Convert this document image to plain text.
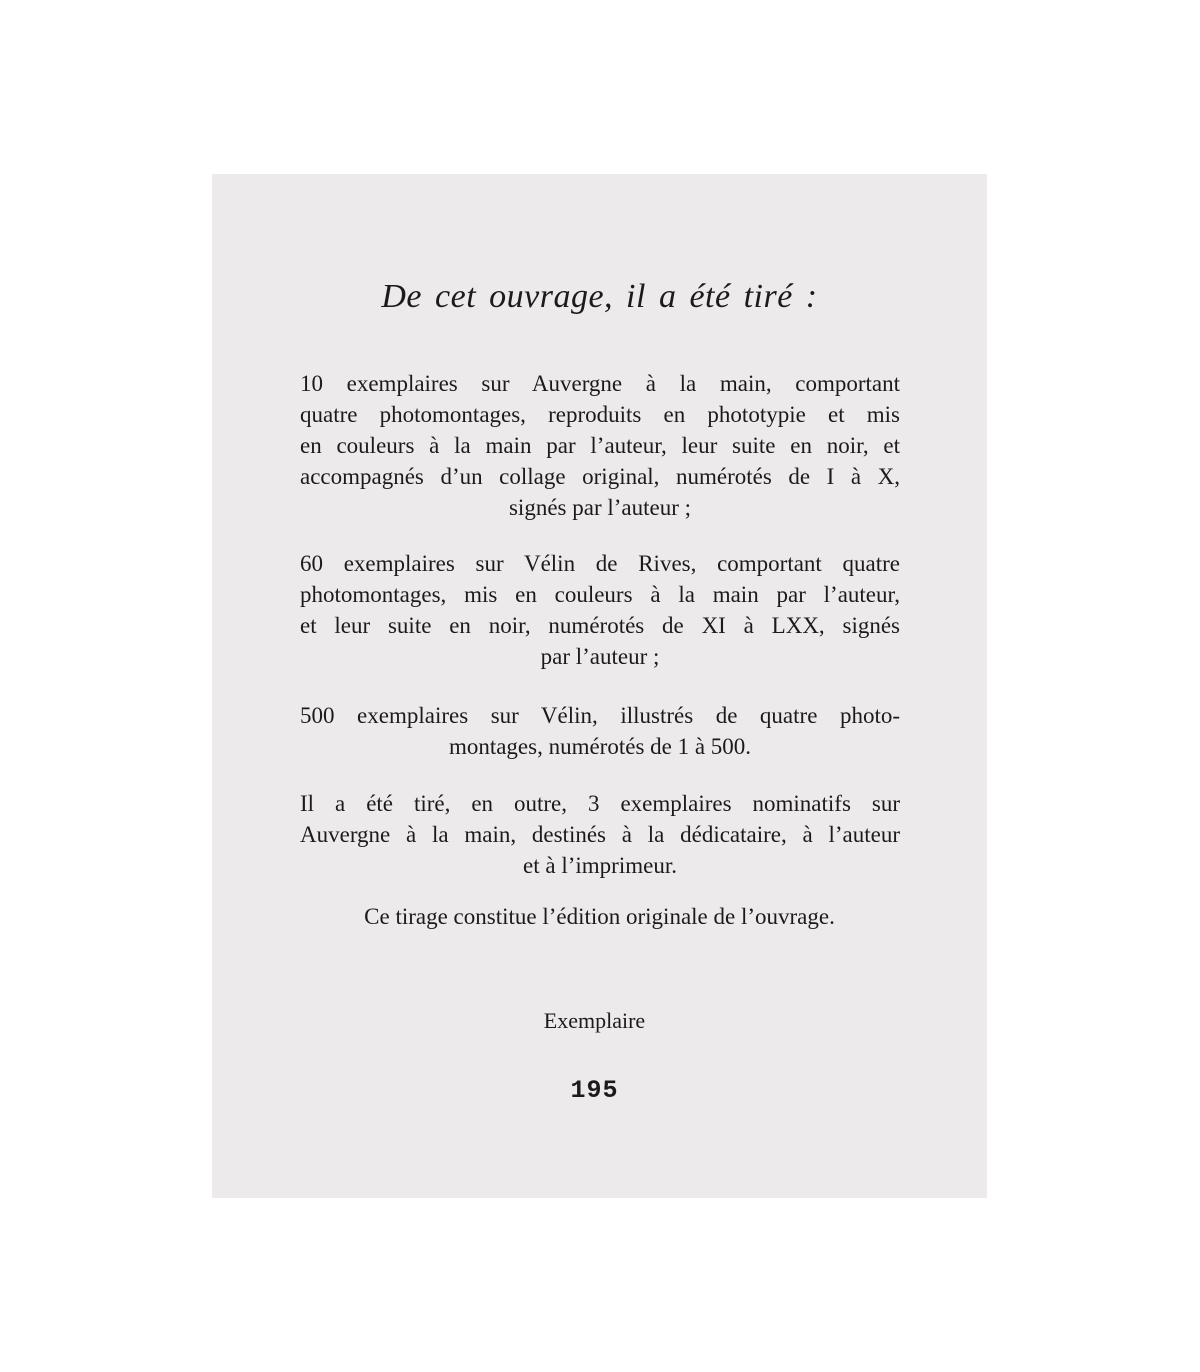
De cet ouvrage, il a été tiré :
10 exemplaires sur Auvergne à la main, comportant
quatre photomontages, reproduits en phototypie et mis
en couleurs à la main par l’auteur, leur suite en noir, et
accompagnés d’un collage original, numérotés de I à X,
signés par l’auteur ;
60 exemplaires sur Vélin de Rives, comportant quatre
photomontages, mis en couleurs à la main par l’auteur,
et leur suite en noir, numérotés de XI à LXX, signés
par l’auteur ;
500 exemplaires sur Vélin, illustrés de quatre photo-
montages, numérotés de 1 à 500.
Il a été tiré, en outre, 3 exemplaires nominatifs sur
Auvergne à la main, destinés à la dédicataire, à l’auteur
et à l’imprimeur.
Ce tirage constitue l’édition originale de l’ouvrage.
Exemplaire
195
